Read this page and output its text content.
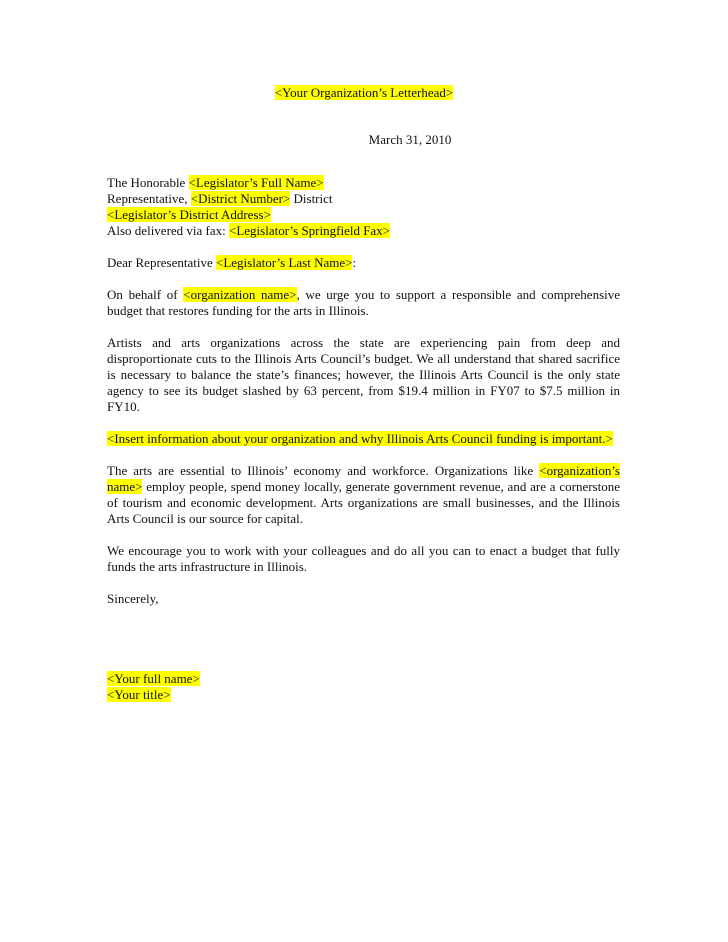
<Your Organization’s Letterhead>
March 31, 2010
The Honorable <Legislator’s Full Name>
Representative, <District Number> District
<Legislator’s District Address>
Also delivered via fax: <Legislator’s Springfield Fax>
Dear Representative <Legislator’s Last Name>:
On behalf of <organization name>, we urge you to support a responsible and comprehensive budget that restores funding for the arts in Illinois.
Artists and arts organizations across the state are experiencing pain from deep and disproportionate cuts to the Illinois Arts Council’s budget. We all understand that shared sacrifice is necessary to balance the state’s finances; however, the Illinois Arts Council is the only state agency to see its budget slashed by 63 percent, from $19.4 million in FY07 to $7.5 million in FY10.
<Insert information about your organization and why Illinois Arts Council funding is important.>
The arts are essential to Illinois’ economy and workforce. Organizations like <organization’s name> employ people, spend money locally, generate government revenue, and are a cornerstone of tourism and economic development. Arts organizations are small businesses, and the Illinois Arts Council is our source for capital.
We encourage you to work with your colleagues and do all you can to enact a budget that fully funds the arts infrastructure in Illinois.
Sincerely,
<Your full name>
<Your title>
